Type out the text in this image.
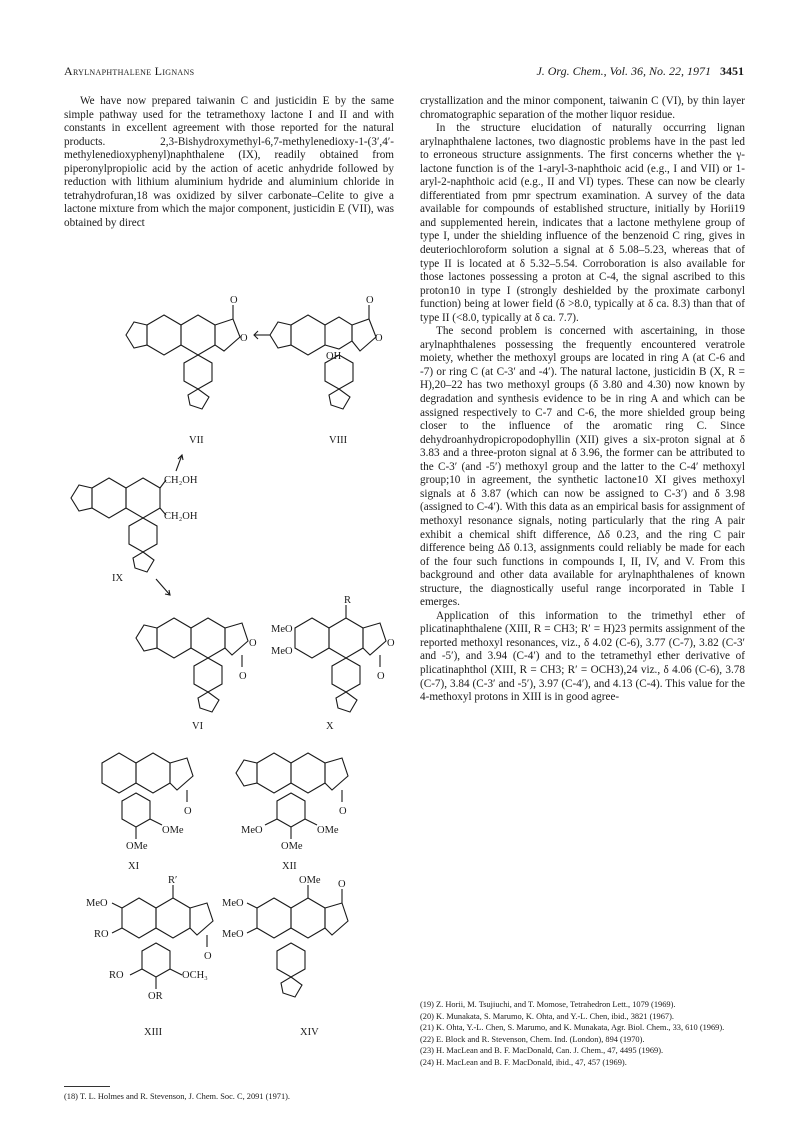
Arylnaphthalene Lignans	J. Org. Chem., Vol. 36, No. 22, 1971 3451

We have now prepared taiwanin C and justicidin E by the same simple pathway used for the tetramethoxy lactone I and II and with constants in excellent agreement with those reported for the natural products. 2,3-Bishydroxymethyl-6,7-methylenedioxy-1-(3′,4′-methylenedioxyphenyl)naphthalene (IX), readily obtained from piperonylpropiolic acid by the action of acetic anhydride followed by reduction with lithium aluminium hydride and aluminium chloride in tetrahydrofuran,18 was oxidized by silver carbonate–Celite to give a lactone mixture from which the major component, justicidin E (VII), was obtained by direct

O
O
O
O
OH
VII	VIII
CH₂OH
CH₂OH
IX
O
O
R
MeO
MeO
O
O
VI	X
O
OMe
OMe
O
OMe
MeO
OMe
XI	XII
R′
MeO
RO
O
RO	OCH₃
OR
OMe O
MeO
MeO
XIII	XIV

crystallization and the minor component, taiwanin C (VI), by thin layer chromatographic separation of the mother liquor residue.

In the structure elucidation of naturally occurring lignan arylnaphthalene lactones, two diagnostic problems have in the past led to erroneous structure assignments. The first concerns whether the γ-lactone function is of the 1-aryl-3-naphthoic acid (e.g., I and VII) or 1-aryl-2-naphthoic acid (e.g., II and VI) types. These can now be clearly differentiated from pmr spectrum examination. A survey of the data available for compounds of established structure, initially by Horii19 and supplemented herein, indicates that a lactone methylene group of type I, under the shielding influence of the benzenoid C ring, gives in deuteriochloroform solution a signal at δ 5.08–5.23, whereas that of type II is located at δ 5.32–5.54. Corroboration is also available for those lactones possessing a proton at C-4, the signal ascribed to this proton10 in type I (strongly deshielded by the proximate carbonyl function) being at lower field (δ >8.0, typically at δ ca. 8.3) than that of type II (<8.0, typically at δ ca. 7.7).

The second problem is concerned with ascertaining, in those arylnaphthalenes possessing the frequently encountered veratrole moiety, whether the methoxyl groups are located in ring A (at C-6 and -7) or ring C (at C-3′ and -4′). The natural lactone, justicidin B (X, R = H),20–22 has two methoxyl groups (δ 3.80 and 4.30) now known by degradation and synthesis evidence to be in ring A and which can be assigned respectively to C-7 and C-6, the more shielded group being closer to the influence of the aromatic ring C. Since dehydroanhydropicropodophyllin (XII) gives a six-proton signal at δ 3.83 and a three-proton signal at δ 3.96, the former can be attributed to the C-3′ (and -5′) methoxyl group and the latter to the C-4′ methoxyl group;10 in agreement, the synthetic lactone10 XI gives methoxyl signals at δ 3.87 (which can now be assigned to C-3′) and δ 3.98 (assigned to C-4′). With this data as an empirical basis for assignment of methoxyl resonance signals, noting particularly that the ring A pair exhibit a chemical shift difference, Δδ 0.23, and the ring C pair difference being Δδ 0.13, assignments could reliably be made for each of the four such functions in compounds I, II, IV, and V. From this background and other data available for arylnaphthalenes of known structure, the diagnostically useful range incorporated in Table I emerges.

Application of this information to the trimethyl ether of plicatinaphthalene (XIII, R = CH3; R′ = H)23 permits assignment of the reported methoxyl resonances, viz., δ 4.02 (C-6), 3.77 (C-7), 3.82 (C-3′ and -5′), and 3.94 (C-4′) and to the tetramethyl ether derivative of plicatinaphthol (XIII, R = CH3; R′ = OCH3),24 viz., δ 4.06 (C-6), 3.78 (C-7), 3.84 (C-3′ and -5′), 3.97 (C-4′), and 4.13 (C-4). This value for the 4-methoxyl protons in XIII is in good agree-

(19) Z. Horii, M. Tsujiuchi, and T. Momose, Tetrahedron Lett., 1079 (1969).

(20) K. Munakata, S. Marumo, K. Ohta, and Y.-L. Chen, ibid., 3821 (1967).

(21) K. Ohta, Y.-L. Chen, S. Marumo, and K. Munakata, Agr. Biol. Chem., 33, 610 (1969).

(22) E. Block and R. Stevenson, Chem. Ind. (London), 894 (1970).

(23) H. MacLean and B. F. MacDonald, Can. J. Chem., 47, 4495 (1969).

(24) H. MacLean and B. F. MacDonald, ibid., 47, 457 (1969).

(18) T. L. Holmes and R. Stevenson, J. Chem. Soc. C, 2091 (1971).
